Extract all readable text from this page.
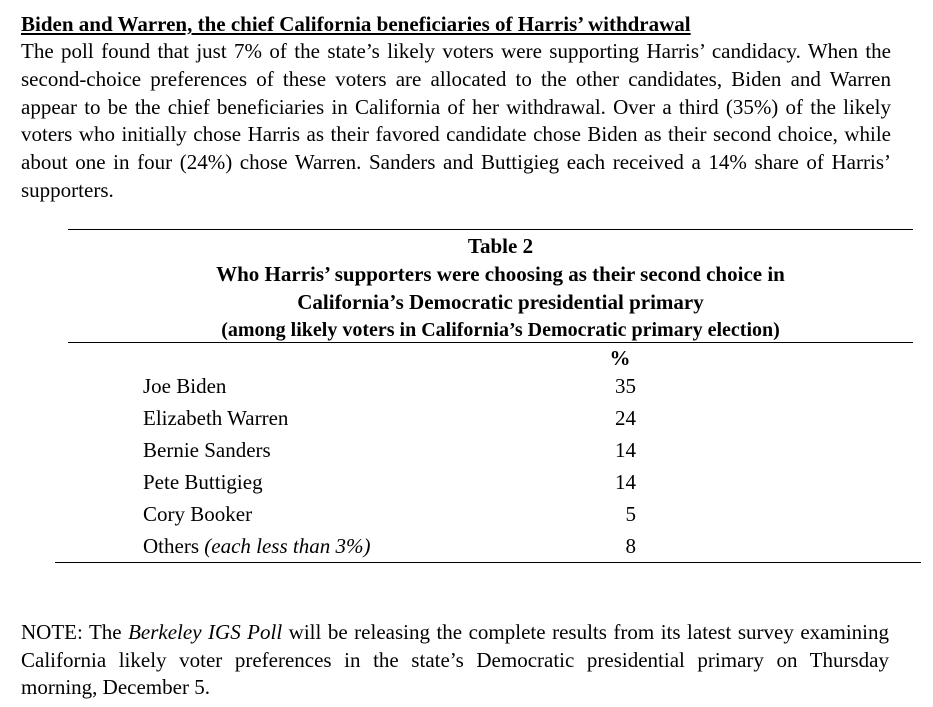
Biden and Warren, the chief California beneficiaries of Harris’ withdrawal

The poll found that just 7% of the state’s likely voters were supporting Harris’ candidacy. When the second-choice preferences of these voters are allocated to the other candidates, Biden and Warren appear to be the chief beneficiaries in California of her withdrawal. Over a third (35%) of the likely voters who initially chose Harris as their favored candidate chose Biden as their second choice, while about one in four (24%) chose Warren. Sanders and Buttigieg each received a 14% share of Harris’ supporters.

Table 2
Who Harris’ supporters were choosing as their second choice in
California’s Democratic presidential primary
(among likely voters in California’s Democratic primary election)
%
Joe Biden	35
Elizabeth Warren	24
Bernie Sanders	14
Pete Buttigieg	14
Cory Booker	5
Others (each less than 3%)	8

NOTE: The Berkeley IGS Poll will be releasing the complete results from its latest survey examining California likely voter preferences in the state’s Democratic presidential primary on Thursday morning, December 5.
